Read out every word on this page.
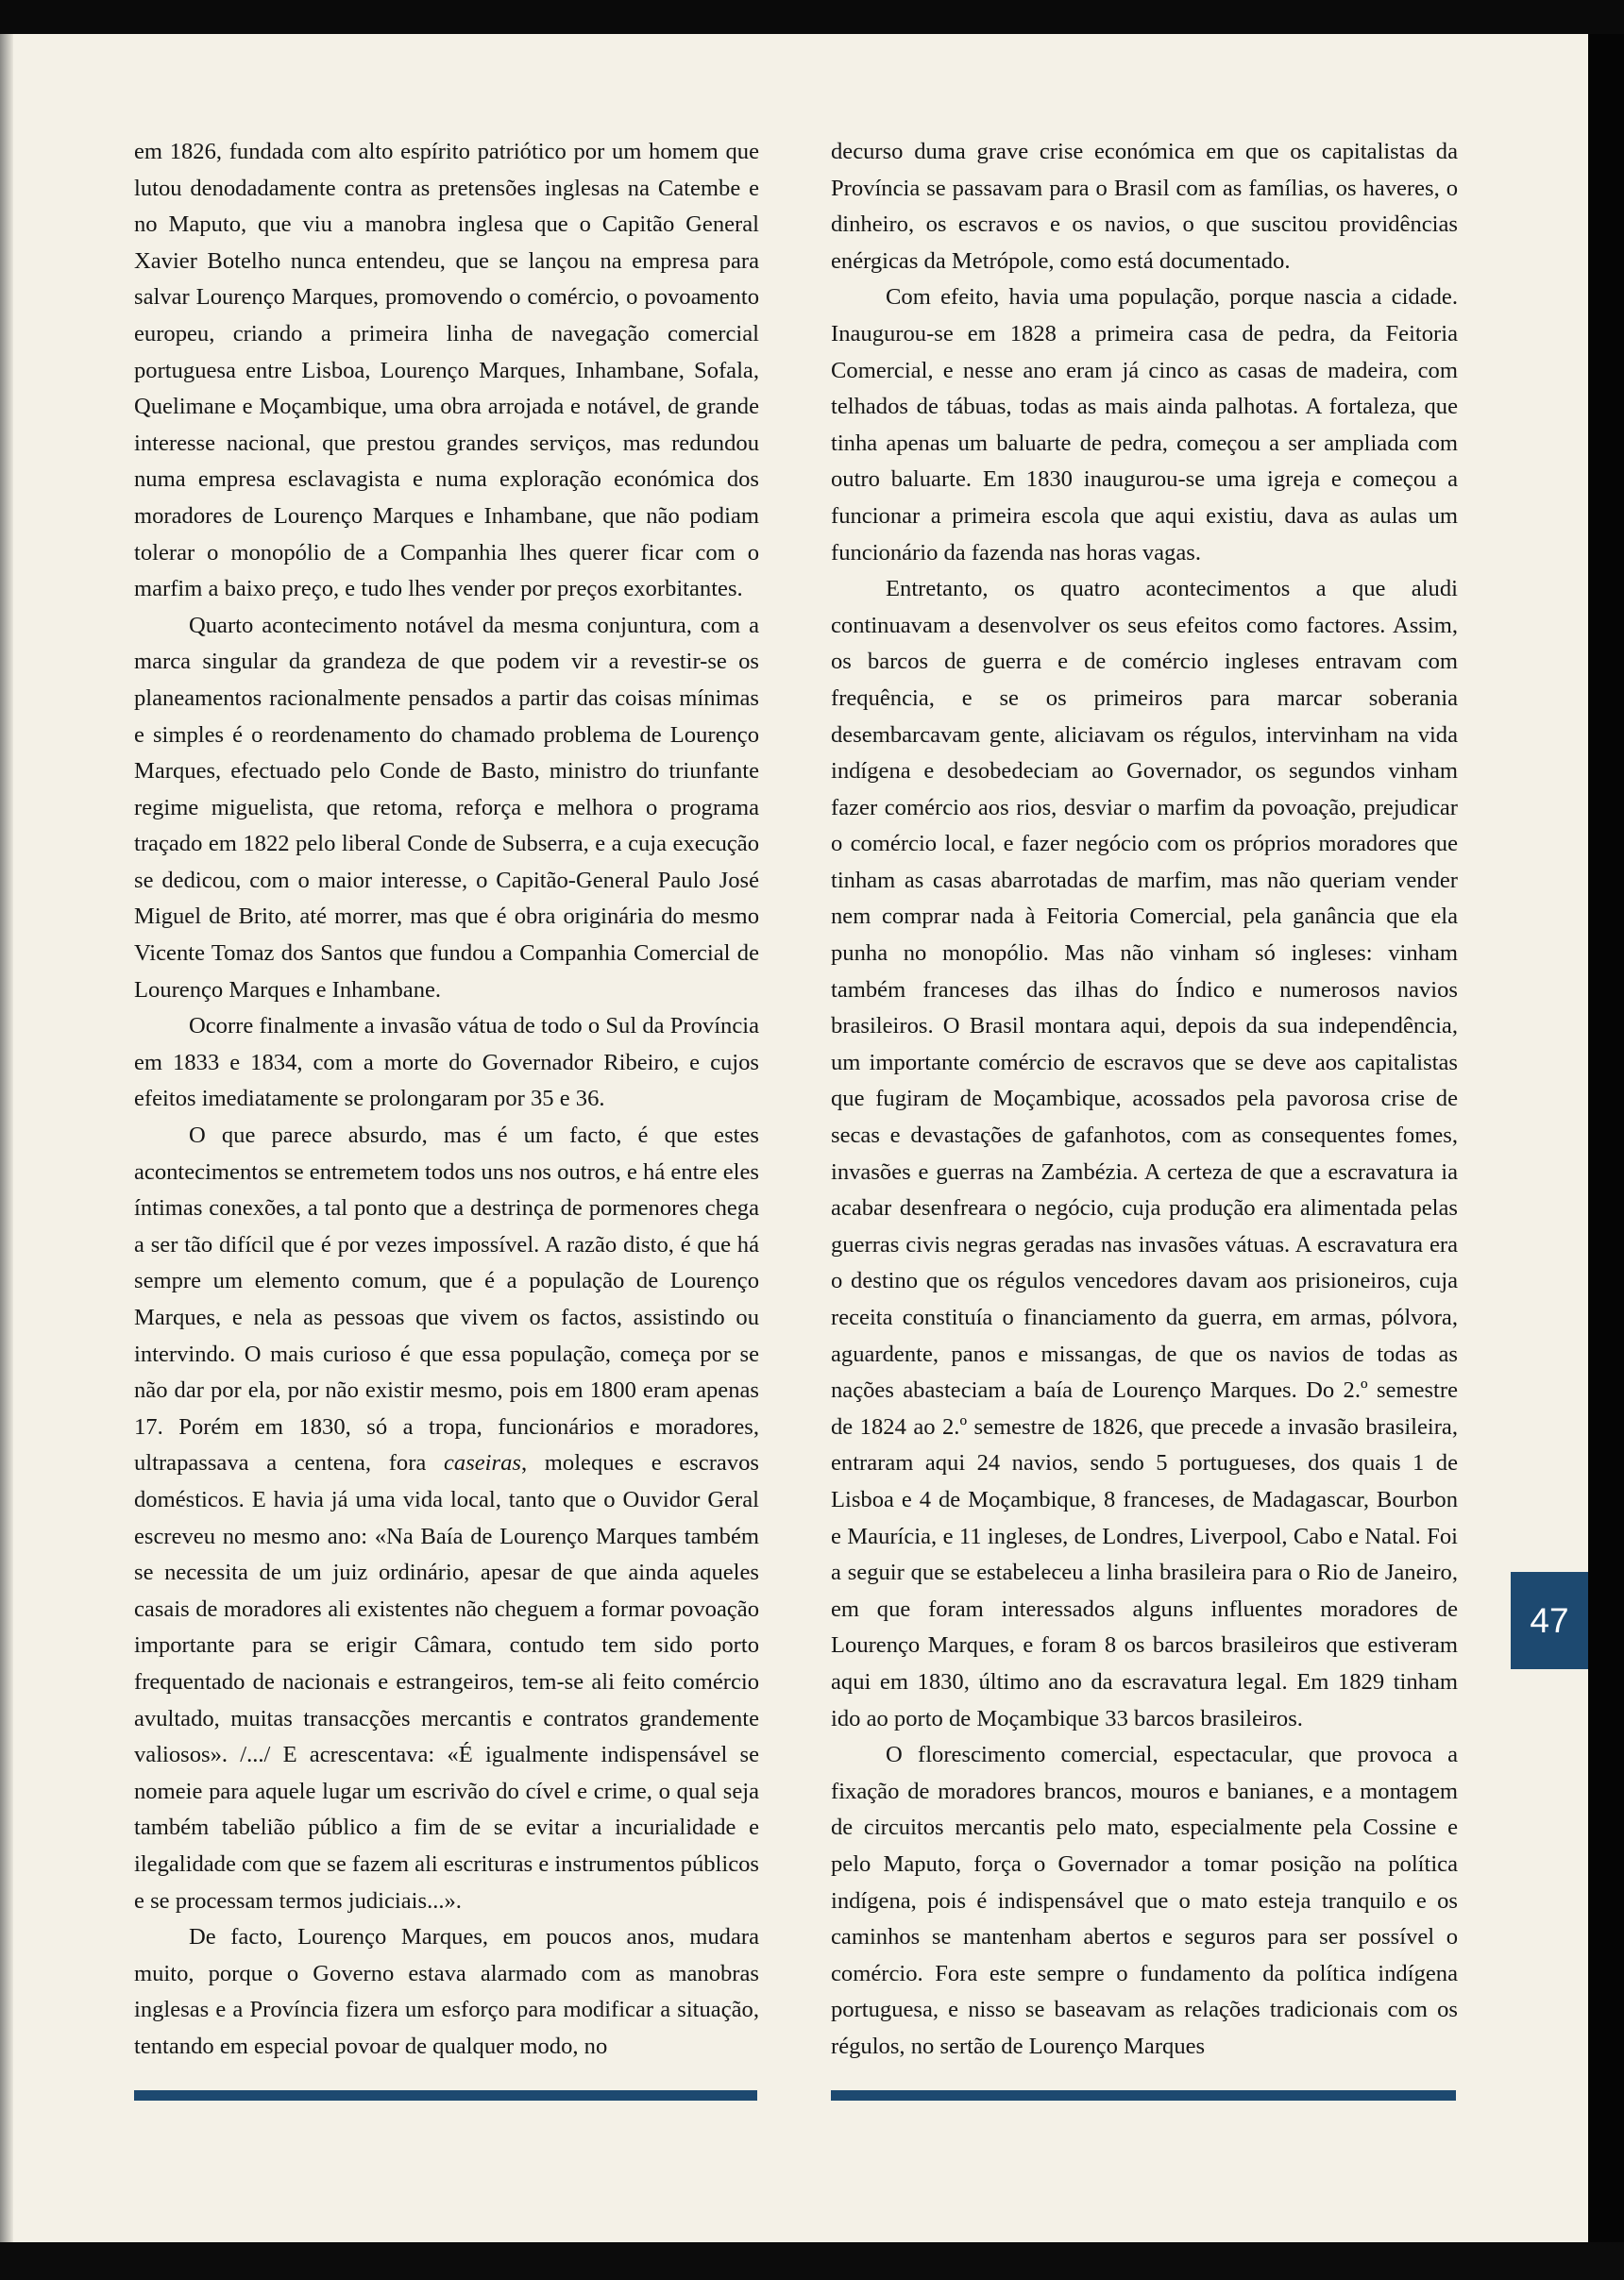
em 1826, fundada com alto espírito patriótico por um homem que lutou denodadamente contra as pretensões inglesas na Catembe e no Maputo, que viu a manobra inglesa que o Capitão General Xavier Botelho nunca entendeu, que se lançou na empresa para salvar Lourenço Marques, promovendo o comércio, o povoamento europeu, criando a primeira linha de navegação comercial portuguesa entre Lisboa, Lourenço Marques, Inhambane, Sofala, Quelimane e Moçambique, uma obra arrojada e notável, de grande interesse nacional, que prestou grandes serviços, mas redundou numa empresa esclavagista e numa exploração económica dos moradores de Lourenço Marques e Inhambane, que não podiam tolerar o monopólio de a Companhia lhes querer ficar com o marfim a baixo preço, e tudo lhes vender por preços exorbitantes.

Quarto acontecimento notável da mesma conjuntura, com a marca singular da grandeza de que podem vir a revestir-se os planeamentos racionalmente pensados a partir das coisas mínimas e simples é o reordenamento do chamado problema de Lourenço Marques, efectuado pelo Conde de Basto, ministro do triunfante regime miguelista, que retoma, reforça e melhora o programa traçado em 1822 pelo liberal Conde de Subserra, e a cuja execução se dedicou, com o maior interesse, o Capitão-General Paulo José Miguel de Brito, até morrer, mas que é obra originária do mesmo Vicente Tomaz dos Santos que fundou a Companhia Comercial de Lourenço Marques e Inhambane.

Ocorre finalmente a invasão vátua de todo o Sul da Província em 1833 e 1834, com a morte do Governador Ribeiro, e cujos efeitos imediatamente se prolongaram por 35 e 36.

O que parece absurdo, mas é um facto, é que estes acontecimentos se entremetem todos uns nos outros, e há entre eles íntimas conexões, a tal ponto que a destrinça de pormenores chega a ser tão difícil que é por vezes impossível. A razão disto, é que há sempre um elemento comum, que é a população de Lourenço Marques, e nela as pessoas que vivem os factos, assistindo ou intervindo. O mais curioso é que essa população, começa por se não dar por ela, por não existir mesmo, pois em 1800 eram apenas 17. Porém em 1830, só a tropa, funcionários e moradores, ultrapassava a centena, fora caseiras, moleques e escravos domésticos. E havia já uma vida local, tanto que o Ouvidor Geral escreveu no mesmo ano: «Na Baía de Lourenço Marques também se necessita de um juiz ordinário, apesar de que ainda aqueles casais de moradores ali existentes não cheguem a formar povoação importante para se erigir Câmara, contudo tem sido porto frequentado de nacionais e estrangeiros, tem-se ali feito comércio avultado, muitas transacções mercantis e contratos grandemente valiosos». /.../ E acrescentava: «É igualmente indispensável se nomeie para aquele lugar um escrivão do cível e crime, o qual seja também tabelião público a fim de se evitar a incurialidade e ilegalidade com que se fazem ali escrituras e instrumentos públicos e se processam termos judiciais...».

De facto, Lourenço Marques, em poucos anos, mudara muito, porque o Governo estava alarmado com as manobras inglesas e a Província fizera um esforço para modificar a situação, tentando em especial povoar de qualquer modo, no

decurso duma grave crise económica em que os capitalistas da Província se passavam para o Brasil com as famílias, os haveres, o dinheiro, os escravos e os navios, o que suscitou providências enérgicas da Metrópole, como está documentado.

Com efeito, havia uma população, porque nascia a cidade. Inaugurou-se em 1828 a primeira casa de pedra, da Feitoria Comercial, e nesse ano eram já cinco as casas de madeira, com telhados de tábuas, todas as mais ainda palhotas. A fortaleza, que tinha apenas um baluarte de pedra, começou a ser ampliada com outro baluarte. Em 1830 inaugurou-se uma igreja e começou a funcionar a primeira escola que aqui existiu, dava as aulas um funcionário da fazenda nas horas vagas.

Entretanto, os quatro acontecimentos a que aludi continuavam a desenvolver os seus efeitos como factores. Assim, os barcos de guerra e de comércio ingleses entravam com frequência, e se os primeiros para marcar soberania desembarcavam gente, aliciavam os régulos, intervinham na vida indígena e desobedeciam ao Governador, os segundos vinham fazer comércio aos rios, desviar o marfim da povoação, prejudicar o comércio local, e fazer negócio com os próprios moradores que tinham as casas abarrotadas de marfim, mas não queriam vender nem comprar nada à Feitoria Comercial, pela ganância que ela punha no monopólio. Mas não vinham só ingleses: vinham também franceses das ilhas do Índico e numerosos navios brasileiros. O Brasil montara aqui, depois da sua independência, um importante comércio de escravos que se deve aos capitalistas que fugiram de Moçambique, acossados pela pavorosa crise de secas e devastações de gafanhotos, com as consequentes fomes, invasões e guerras na Zambézia. A certeza de que a escravatura ia acabar desenfreara o negócio, cuja produção era alimentada pelas guerras civis negras geradas nas invasões vátuas. A escravatura era o destino que os régulos vencedores davam aos prisioneiros, cuja receita constituía o financiamento da guerra, em armas, pólvora, aguardente, panos e missangas, de que os navios de todas as nações abasteciam a baía de Lourenço Marques. Do 2.º semestre de 1824 ao 2.º semestre de 1826, que precede a invasão brasileira, entraram aqui 24 navios, sendo 5 portugueses, dos quais 1 de Lisboa e 4 de Moçambique, 8 franceses, de Madagascar, Bourbon e Maurícia, e 11 ingleses, de Londres, Liverpool, Cabo e Natal. Foi a seguir que se estabeleceu a linha brasileira para o Rio de Janeiro, em que foram interessados alguns influentes moradores de Lourenço Marques, e foram 8 os barcos brasileiros que estiveram aqui em 1830, último ano da escravatura legal. Em 1829 tinham ido ao porto de Moçambique 33 barcos brasileiros.

O florescimento comercial, espectacular, que provoca a fixação de moradores brancos, mouros e banianes, e a montagem de circuitos mercantis pelo mato, especialmente pela Cossine e pelo Maputo, força o Governador a tomar posição na política indígena, pois é indispensável que o mato esteja tranquilo e os caminhos se mantenham abertos e seguros para ser possível o comércio. Fora este sempre o fundamento da política indígena portuguesa, e nisso se baseavam as relações tradicionais com os régulos, no sertão de Lourenço Marques

47
